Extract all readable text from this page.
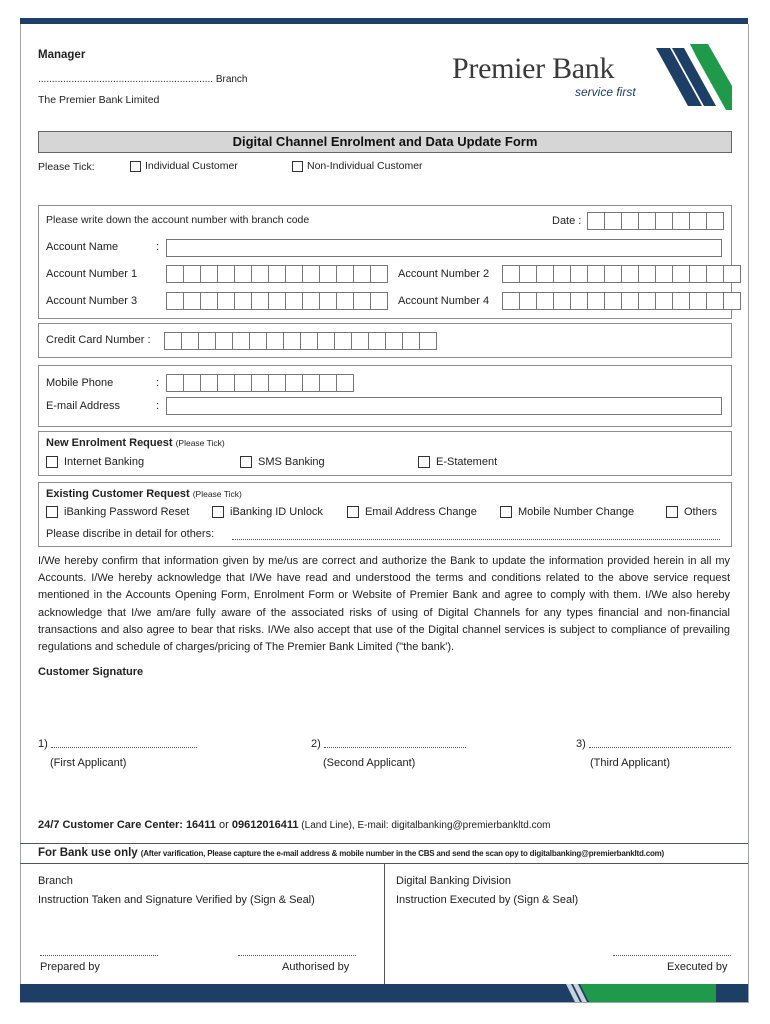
Manager
............................................................... Branch
The Premier Bank Limited
Premier Bank
service first
Digital Channel Enrolment and Data Update Form
Please Tick:	Individual Customer	Non-Individual Customer
Please write down the account number with branch code	Date :
Account Name	:
Account Number 1	Account Number 2
Account Number 3	Account Number 4
Credit Card Number :
Mobile Phone	:
E-mail Address	:
New Enrolment Request (Please Tick)
Internet Banking	SMS Banking	E-Statement
Existing Customer Request (Please Tick)
iBanking Password Reset	iBanking ID Unlock	Email Address Change	Mobile Number Change	Others
Please discribe in detail for others:
I/We hereby confirm that information given by me/us are correct and authorize the Bank to update the information provided herein in all my Accounts. I/We hereby acknowledge that I/We have read and understood the terms and conditions related to the above service request mentioned in the Accounts Opening Form, Enrolment Form or Website of Premier Bank and agree to comply with them. I/We also hereby acknowledge that I/we am/are fully aware of the associated risks of using of Digital Channels for any types financial and non-financial transactions and also agree to bear that risks. I/We also accept that use of the Digital channel services is subject to compliance of prevailing regulations and schedule of charges/pricing of The Premier Bank Limited ("the bank').
Customer Signature
1)
(First Applicant)
2)
(Second Applicant)
3)
(Third Applicant)
24/7 Customer Care Center: 16411 or 09612016411 (Land Line), E-mail: digitalbanking@premierbankltd.com
For Bank use only (After varification, Please capture the e-mail address & mobile number in the CBS and send the scan opy to digitalbanking@premierbankltd.com)
Branch
Instruction Taken and Signature Verified by (Sign & Seal)
Digital Banking Division
Instruction Executed by (Sign & Seal)
Prepared by	Authorised by	Executed by
